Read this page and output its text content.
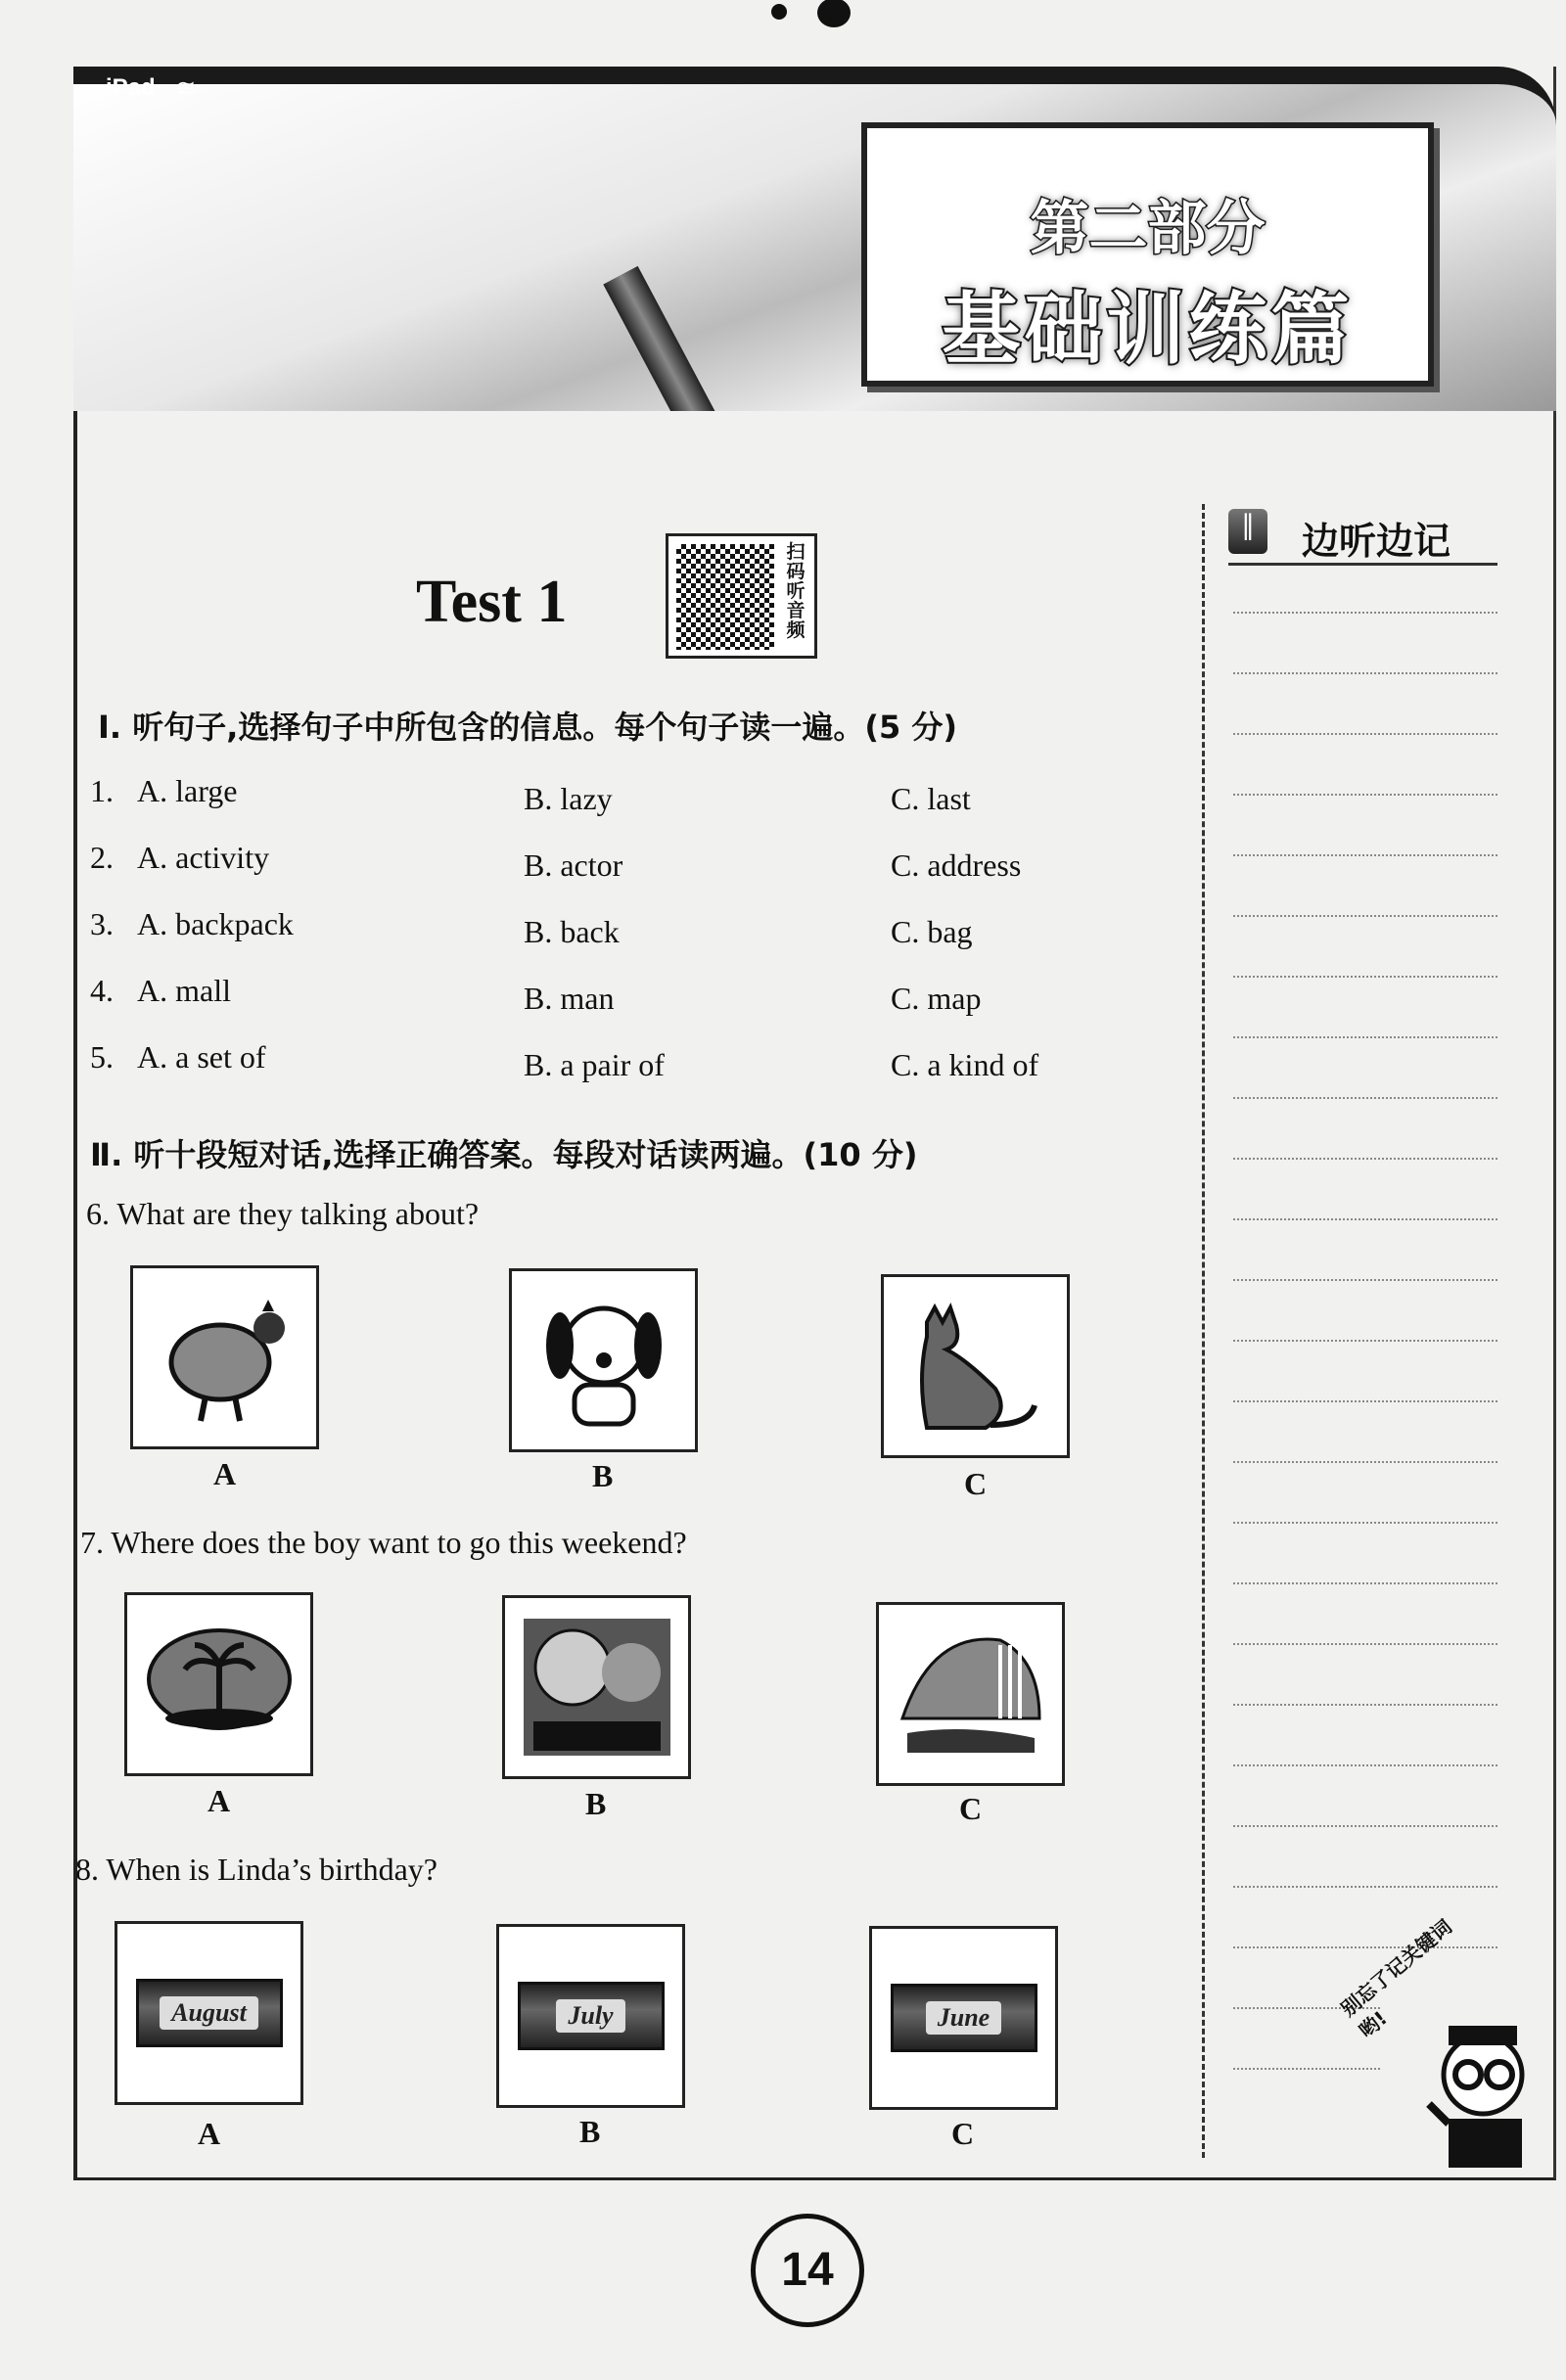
iPad ≋
第二部分
基础训练篇
Test 1
扫码听音频
Ⅰ. 听句子,选择句子中所包含的信息。每个句子读一遍。(5 分)
1. A. large	B. lazy	C. last
2. A. activity	B. actor	C. address
3. A. backpack	B. back	C. bag
4. A. mall	B. man	C. map
5. A. a set of	B. a pair of	C. a kind of
Ⅱ. 听十段短对话,选择正确答案。每段对话读两遍。(10 分)
6. What are they talking about?
7. Where does the boy want to go this weekend?
8. When is Linda’s birthday?
A	B	C
A	B	C
August	July	June
A	B	C
∥	边听边记
别忘了记关键词哟!
14
